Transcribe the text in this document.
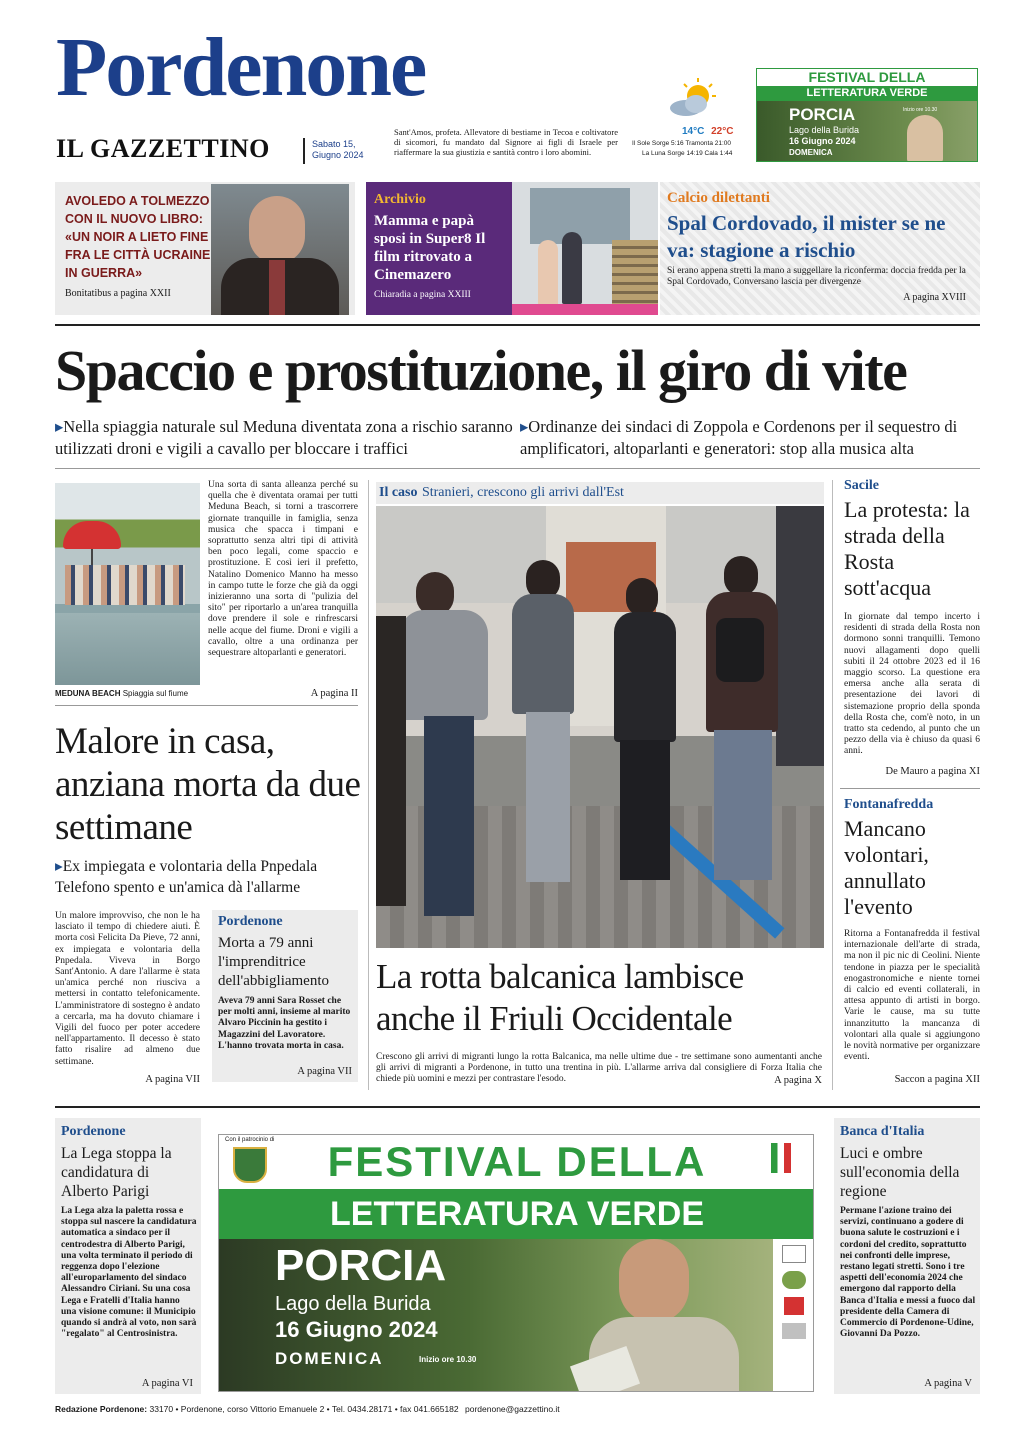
Pordenone
IL GAZZETTINO	Sabato 15,
Giugno 2024
Sant'Amos, profeta. Allevatore di bestiame in Tecoa e coltivatore di sicomori, fu mandato dal Signore ai figli di Israele per riaffermare la sua giustizia e santità contro i loro abomini.
14°C 22°C
Il Sole Sorge 5:16 Tramonta 21:00
La Luna Sorge 14:19 Cala 1:44
FESTIVAL DELLA
LETTERATURA VERDE
PORCIA
Lago della Burida
16 Giugno 2024
DOMENICA
Inizio ore 10.30
AVOLEDO A TOLMEZZO CON IL NUOVO LIBRO: «UN NOIR A LIETO FINE FRA LE CITTÀ UCRAINE IN GUERRA»
Bonitatibus a pagina XXII
Archivio
Mamma e papà sposi in Super8 Il film ritrovato a Cinemazero
Chiaradia a pagina XXIII
Calcio dilettanti
Spal Cordovado, il mister se ne va: stagione a rischio
Si erano appena stretti la mano a suggellare la riconferma: doccia fredda per la Spal Cordovado, Conversano lascia per divergenze
A pagina XVIII
Spaccio e prostituzione, il giro di vite
▸Nella spiaggia naturale sul Meduna diventata zona a rischio saranno utilizzati droni e vigili a cavallo per bloccare i traffici
▸Ordinanze dei sindaci di Zoppola e Cordenons per il sequestro di amplificatori, altoparlanti e generatori: stop alla musica alta
MEDUNA BEACH Spiaggia sul fiume
Una sorta di santa alleanza perché su quella che è diventata oramai per tutti Meduna Beach, si torni a trascorrere giornate tranquille in famiglia, senza musica che spacca i timpani e soprattutto senza altri tipi di attività ben poco legali, come spaccio e prostituzione. E così ieri il prefetto, Natalino Domenico Manno ha messo in campo tutte le forze che già da oggi inizieranno una sorta di "pulizia del sito" per riportarlo a un'area tranquilla dove prendere il sole e rinfrescarsi nelle acque del fiume. Droni e vigili a cavallo, oltre a una ordinanza per sequestrare altoparlanti e generatori.
A pagina II
Malore in casa, anziana morta da due settimane
▸Ex impiegata e volontaria della Pnpedala Telefono spento e un'amica dà l'allarme
Un malore improvviso, che non le ha lasciato il tempo di chiedere aiuti. È morta così Felicita Da Pieve, 72 anni, ex impiegata e volontaria della Pnpedala. Viveva in Borgo Sant'Antonio. A dare l'allarme è stata un'amica perché non riusciva a mettersi in contatto telefonicamente. L'amministratore di sostegno è andato a cercarla, ma ha dovuto chiamare i Vigili del fuoco per poter accedere nell'appartamento. Il decesso è stato fatto risalire ad almeno due settimane.
A pagina VII
Pordenone
Morta a 79 anni l'imprenditrice dell'abbigliamento
Aveva 79 anni Sara Rosset che per molti anni, insieme al marito Alvaro Piccinin ha gestito i Magazzini del Lavoratore. L'hanno trovata morta in casa.
A pagina VII
Il caso Stranieri, crescono gli arrivi dall'Est
La rotta balcanica lambisce anche il Friuli Occidentale
Crescono gli arrivi di migranti lungo la rotta Balcanica, ma nelle ultime due - tre settimane sono aumentanti anche gli arrivi di migranti a Pordenone, in tutto una trentina in più. L'allarme arriva dal consigliere di Forza Italia che chiede più uomini e mezzi per contrastare l'esodo.	A pagina X
Sacile
La protesta: la strada della Rosta sott'acqua
In giornate dal tempo incerto i residenti di strada della Rosta non dormono sonni tranquilli. Temono nuovi allagamenti dopo quelli subiti il 24 ottobre 2023 ed il 16 maggio scorso. La questione era emersa anche alla serata di presentazione dei lavori di sistemazione proprio della sponda della Rosta che, com'è noto, in un tratto sta cedendo, al punto che un pezzo della via è chiuso da quasi 6 anni.
De Mauro a pagina XI
Fontanafredda
Mancano volontari, annullato l'evento
Ritorna a Fontanafredda il festival internazionale dell'arte di strada, ma non il pic nic di Ceolini. Niente tendone in piazza per le specialità enogastronomiche e niente tornei di calcio ed eventi collaterali, in attesa appunto di artisti in borgo. Varie le cause, ma su tutte innanzitutto la mancanza di volontari alla quale si aggiungono le novità normative per organizzare eventi.
Saccon a pagina XII
Pordenone
La Lega stoppa la candidatura di Alberto Parigi
La Lega alza la paletta rossa e stoppa sul nascere la candidatura automatica a sindaco per il centrodestra di Alberto Parigi, una volta terminato il periodo di reggenza dopo l'elezione all'europarlamento del sindaco Alessandro Ciriani. Su una cosa Lega e Fratelli d'Italia hanno una visione comune: il Municipio quando si andrà al voto, non sarà "regalato" al Centrosinistra.
A pagina VI
Con il patrocinio di	FESTIVAL DELLA
LETTERATURA VERDE
PORCIA
Lago della Burida
16 Giugno 2024
DOMENICA	Inizio ore 10.30
Banca d'Italia
Luci e ombre sull'economia della regione
Permane l'azione traino dei servizi, continuano a godere di buona salute le costruzioni e i cordoni del credito, soprattutto nei confronti delle imprese, restano legati stretti. Sono i tre aspetti dell'economia 2024 che emergono dal rapporto della Banca d'Italia e messi a fuoco dal presidente della Camera di Commercio di Pordenone-Udine, Giovanni Da Pozzo.
A pagina V
Redazione Pordenone: 33170 • Pordenone, corso Vittorio Emanuele 2 • Tel. 0434.28171 • fax 041.665182 pordenone@gazzettino.it
